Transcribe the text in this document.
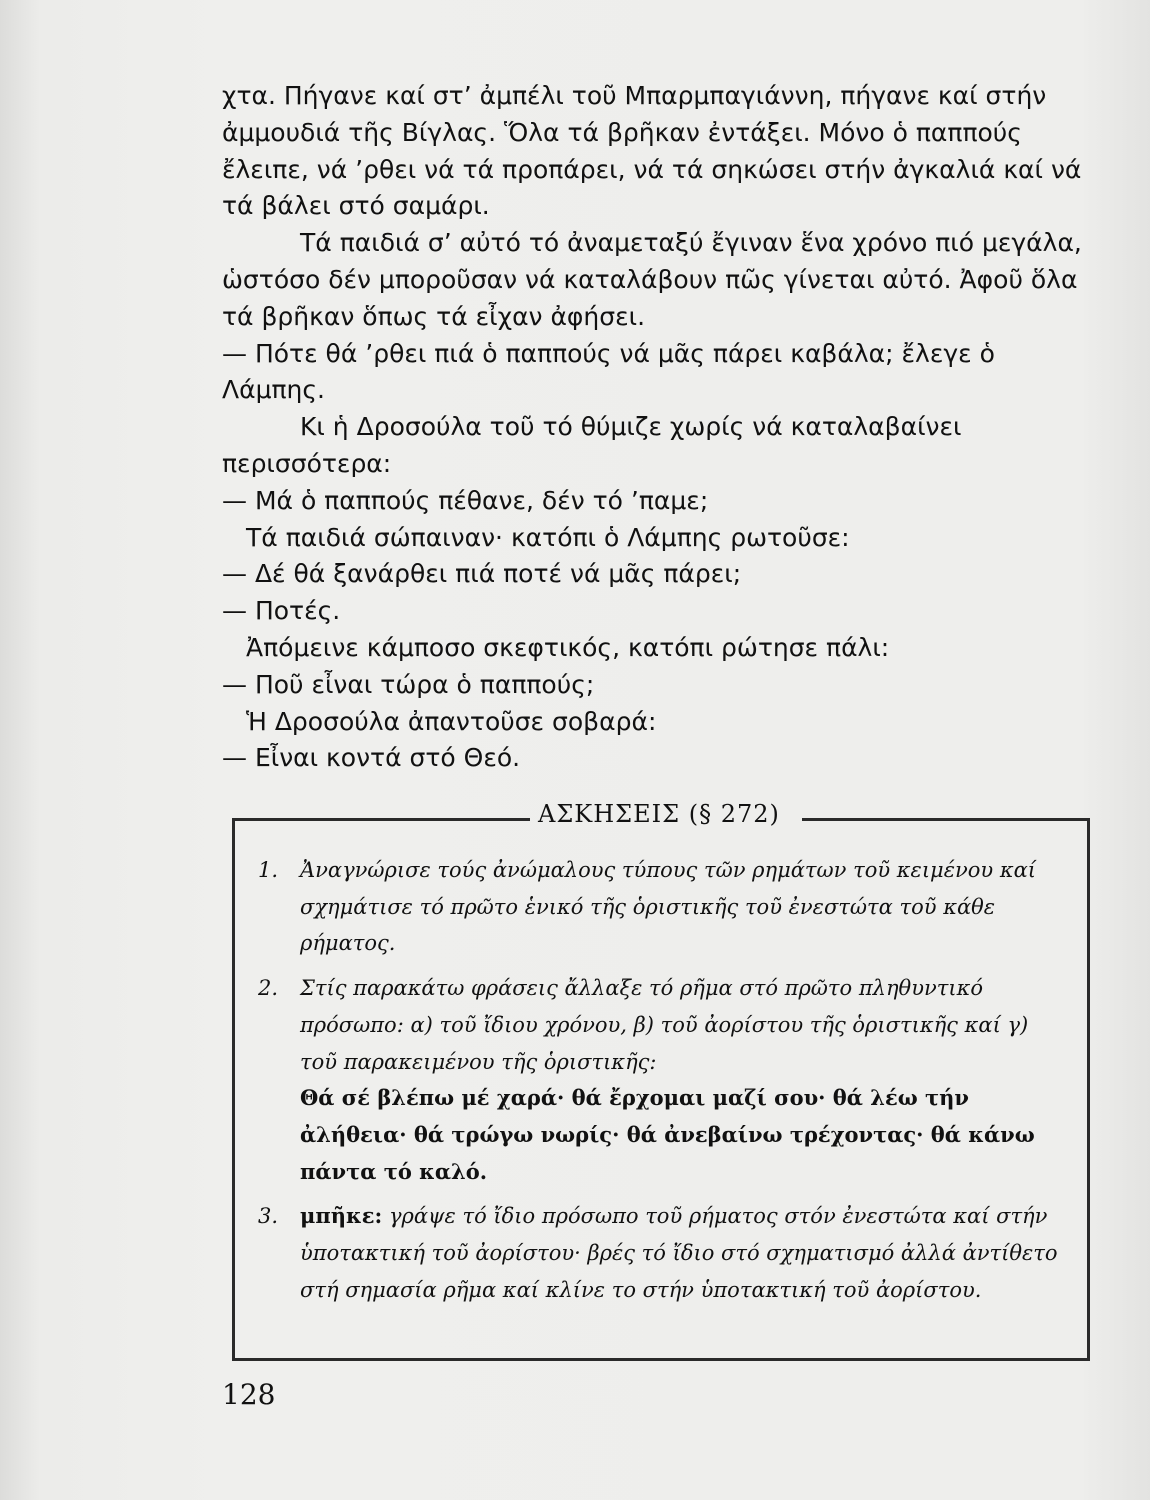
χτα. Πήγανε καί στ’ ἀμπέλι τοῦ Μπαρμπαγιάννη, πήγανε καί στήν ἀμμουδιά τῆς Βίγλας. Ὅλα τά βρῆκαν ἐντάξει. Μόνο ὁ παππούς ἔλειπε, νά ’ρθει νά τά προπάρει, νά τά σηκώσει στήν ἀγκαλιά καί νά τά βάλει στό σαμάρι.

Τά παιδιά σ’ αὐτό τό ἀναμεταξύ ἔγιναν ἕνα χρόνο πιό μεγάλα, ὡστόσο δέν μποροῦσαν νά καταλάβουν πῶς γίνεται αὐτό. Ἀφοῦ ὅλα τά βρῆκαν ὅπως τά εἶχαν ἀφήσει.

— Πότε θά ’ρθει πιά ὁ παππούς νά μᾶς πάρει καβάλα; ἔλεγε ὁ Λάμπης.

Κι ἡ Δροσούλα τοῦ τό θύμιζε χωρίς νά καταλαβαίνει περισσότερα:

— Μά ὁ παππούς πέθανε, δέν τό ’παμε;

Τά παιδιά σώπαιναν· κατόπι ὁ Λάμπης ρωτοῦσε:

— Δέ θά ξανάρθει πιά ποτέ νά μᾶς πάρει;

— Ποτές.

Ἀπόμεινε κάμποσο σκεφτικός, κατόπι ρώτησε πάλι:

— Ποῦ εἶναι τώρα ὁ παππούς;

Ἡ Δροσούλα ἀπαντοῦσε σοβαρά:

— Εἶναι κοντά στό Θεό.

ΑΣΚΗΣΕΙΣ (§ 272)
1. Ἀναγνώρισε τούς ἀνώμαλους τύπους τῶν ρημάτων τοῦ κειμένου καί σχημάτισε τό πρῶτο ἑνικό τῆς ὁριστικῆς τοῦ ἐνεστώτα τοῦ κάθε ρήματος.
2. Στίς παρακάτω φράσεις ἄλλαξε τό ρῆμα στό πρῶτο πληθυντικό πρόσωπο: α) τοῦ ἴδιου χρόνου, β) τοῦ ἀορίστου τῆς ὁριστικῆς καί γ) τοῦ παρακειμένου τῆς ὁριστικῆς:
Θά σέ βλέπω μέ χαρά· θά ἔρχομαι μαζί σου· θά λέω τήν ἀλήθεια· θά τρώγω νωρίς· θά ἀνεβαίνω τρέχοντας· θά κάνω πάντα τό καλό.
3. μπῆκε: γράψε τό ἴδιο πρόσωπο τοῦ ρήματος στόν ἐνεστώτα καί στήν ὑποτακτική τοῦ ἀορίστου· βρές τό ἴδιο στό σχηματισμό ἀλλά ἀντίθετο στή σημασία ρῆμα καί κλίνε το στήν ὑποτακτική τοῦ ἀορίστου.
128
